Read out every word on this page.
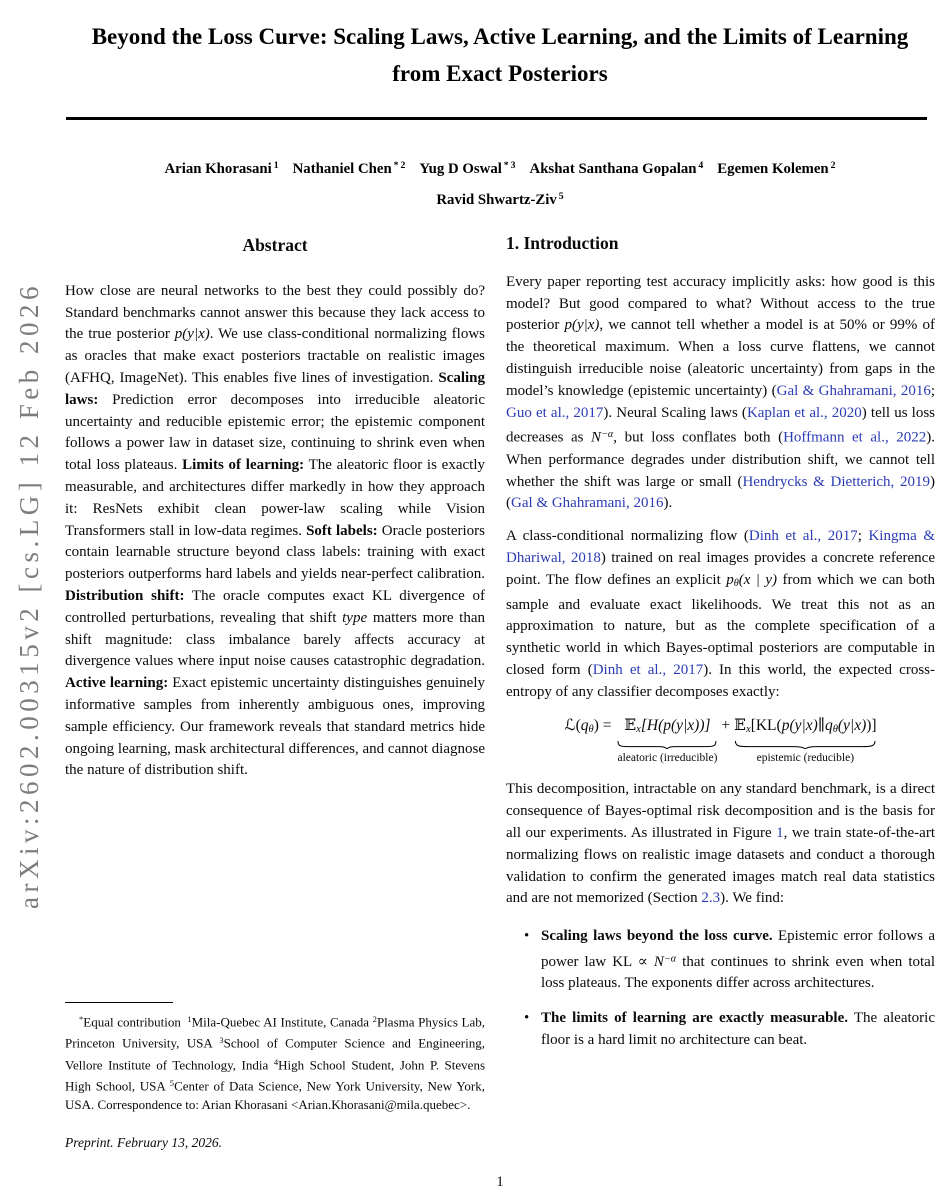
arXiv:2602.00315v2 [cs.LG] 12 Feb 2026
Beyond the Loss Curve: Scaling Laws, Active Learning, and the Limits of Learning from Exact Posteriors
Arian Khorasani $^1$ Nathaniel Chen $^{* 2}$ Yug D Oswal $^{* 3}$ Akshat Santhana Gopalan $^4$ Egemen Kolemen $^2$
Ravid Shwartz-Ziv $^5$
Abstract

How close are neural networks to the best they could possibly do? Standard benchmarks cannot answer this because they lack access to the true posterior p(y|x). We use class-conditional normalizing flows as oracles that make exact posteriors tractable on realistic images (AFHQ, ImageNet). This enables five lines of investigation. Scaling laws: Prediction error decomposes into irreducible aleatoric uncertainty and reducible epistemic error; the epistemic component follows a power law in dataset size, continuing to shrink even when total loss plateaus. Limits of learning: The aleatoric floor is exactly measurable, and architectures differ markedly in how they approach it: ResNets exhibit clean power-law scaling while Vision Transformers stall in low-data regimes. Soft labels: Oracle posteriors contain learnable structure beyond class labels: training with exact posteriors outperforms hard labels and yields near-perfect calibration. Distribution shift: The oracle computes exact KL divergence of controlled perturbations, revealing that shift type matters more than shift magnitude: class imbalance barely affects accuracy at divergence values where input noise causes catastrophic degradation. Active learning: Exact epistemic uncertainty distinguishes genuinely informative samples from inherently ambiguous ones, improving sample efficiency. Our framework reveals that standard metrics hide ongoing learning, mask architectural differences, and cannot diagnose the nature of distribution shift.

*Equal contribution $^1$Mila-Quebec AI Institute, Canada $^2$Plasma Physics Lab, Princeton University, USA $^3$School of Computer Science and Engineering, Vellore Institute of Technology, India $^4$High School Student, John P. Stevens High School, USA $^5$Center of Data Science, New York University, New York, USA. Correspondence to: Arian Khorasani <Arian.Khorasani@mila.quebec>.

Preprint. February 13, 2026.

1. Introduction

Every paper reporting test accuracy implicitly asks: how good is this model? But good compared to what? Without access to the true posterior p(y|x), we cannot tell whether a model is at 50% or 99% of the theoretical maximum. When a loss curve flattens, we cannot distinguish irreducible noise (aleatoric uncertainty) from gaps in the model’s knowledge (epistemic uncertainty) (Gal & Ghahramani, 2016; Guo et al., 2017). Neural Scaling laws (Kaplan et al., 2020) tell us loss decreases as $N^{-\alpha}$, but loss conflates both (Hoffmann et al., 2022). When performance degrades under distribution shift, we cannot tell whether the shift was large or small (Hendrycks & Dietterich, 2019) (Gal & Ghahramani, 2016).

A class-conditional normalizing flow (Dinh et al., 2017; Kingma & Dhariwal, 2018) trained on real images provides a concrete reference point. The flow defines an explicit pθ(x | y) from which we can both sample and evaluate exact likelihoods. We treat this not as an approximation to nature, but as the complete specification of a synthetic world in which Bayes-optimal posteriors are computable in closed form (Dinh et al., 2017). In this world, the expected cross-entropy of any classifier decomposes exactly:

ℒ(qθ) = 𝔼x[H(p(y|x))]
aleatoric (irreducible)
+ 𝔼x[KL(p(y|x)∥qθ(y|x))]
epistemic (reducible)

This decomposition, intractable on any standard benchmark, is a direct consequence of Bayes-optimal risk decomposition and is the basis for all our experiments. As illustrated in Figure 1, we train state-of-the-art normalizing flows on realistic image datasets and conduct a thorough validation to confirm the generated images match real data statistics and are not memorized (Section 2.3). We find:

• Scaling laws beyond the loss curve. Epistemic error follows a power law KL ∝ $N^{-\alpha}$ that continues to shrink even when total loss plateaus. The exponents differ across architectures.
• The limits of learning are exactly measurable. The aleatoric floor is a hard limit no architecture can beat.
1
